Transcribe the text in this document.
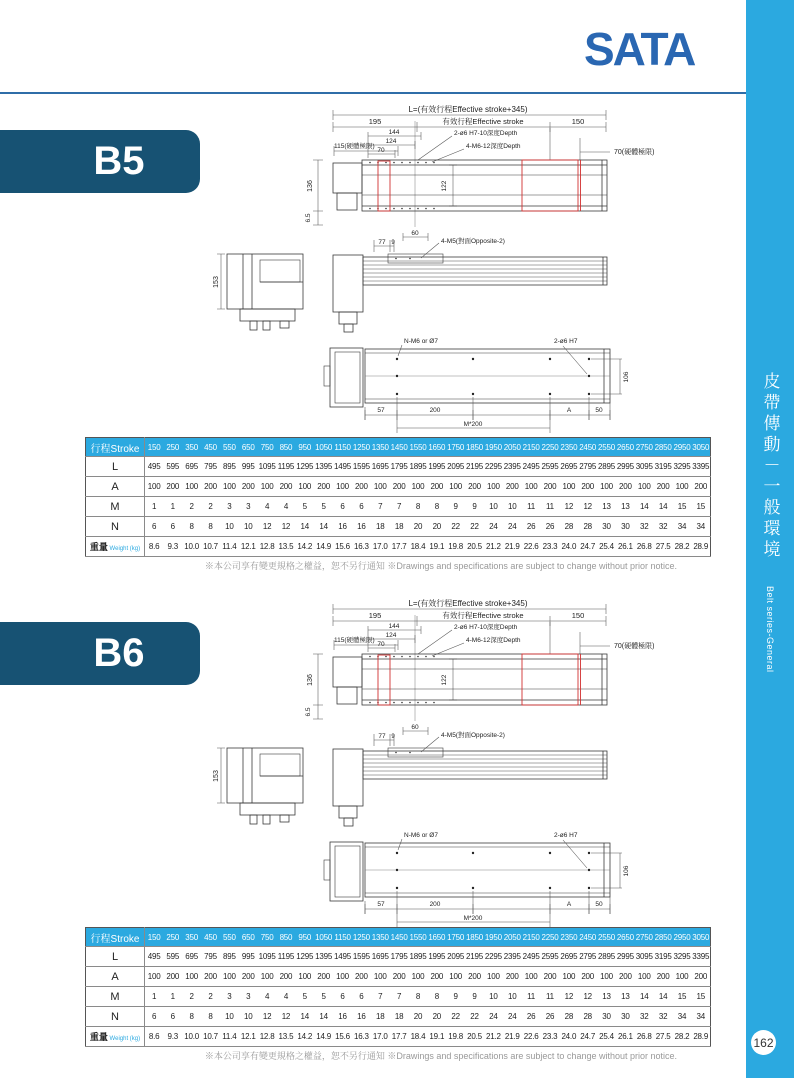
SATA
B5
L=(有效行程Effective stroke+345)
195	有效行程Effective stroke	150
115(硬體極限)
70(硬體極限)
144
124
70
2-ø6 H7-10深度Depth
4-M6-12深度Depth
136
6.5
122
153
77 9
60
4-M5(對面Opposite-2)
N-M6 or Ø7	2-ø6 H7
106
57	200	A	50
M*200
行程Stroke	150	250	350	450	550	650	750	850	950	1050	1150	1250	1350	1450	1550	1650	1750	1850	1950	2050	2150	2250	2350	2450	2550	2650	2750	2850	2950	3050
L	495	595	695	795	895	995	1095	1195	1295	1395	1495	1595	1695	1795	1895	1995	2095	2195	2295	2395	2495	2595	2695	2795	2895	2995	3095	3195	3295	3395
A	100	200	100	200	100	200	100	200	100	200	100	200	100	200	100	200	100	200	100	200	100	200	100	200	100	200	100	200	100	200
M	1	1	2	2	3	3	4	4	5	5	6	6	7	7	8	8	9	9	10	10	11	11	12	12	13	13	14	14	15	15
N	6	6	8	8	10	10	12	12	14	14	16	16	18	18	20	20	22	22	24	24	26	26	28	28	30	30	32	32	34	34
重量 Weight (kg)	8.6	9.3	10.0	10.7	11.4	12.1	12.8	13.5	14.2	14.9	15.6	16.3	17.0	17.7	18.4	19.1	19.8	20.5	21.2	21.9	22.6	23.3	24.0	24.7	25.4	26.1	26.8	27.5	28.2	28.9
※本公司享有變更規格之權益，恕不另行通知 ※Drawings and specifications are subject to change without prior notice.
B6
L=(有效行程Effective stroke+345)
195	有效行程Effective stroke	150
115(硬體極限)
70(硬體極限)
144
124
70
2-ø6 H7-10深度Depth
4-M6-12深度Depth
136
6.5
122
153
77 9
60
4-M5(對面Opposite-2)
N-M6 or Ø7	2-ø6 H7
106
57	200	A	50
M*200
行程Stroke	150	250	350	450	550	650	750	850	950	1050	1150	1250	1350	1450	1550	1650	1750	1850	1950	2050	2150	2250	2350	2450	2550	2650	2750	2850	2950	3050
L	495	595	695	795	895	995	1095	1195	1295	1395	1495	1595	1695	1795	1895	1995	2095	2195	2295	2395	2495	2595	2695	2795	2895	2995	3095	3195	3295	3395
A	100	200	100	200	100	200	100	200	100	200	100	200	100	200	100	200	100	200	100	200	100	200	100	200	100	200	100	200	100	200
M	1	1	2	2	3	3	4	4	5	5	6	6	7	7	8	8	9	9	10	10	11	11	12	12	13	13	14	14	15	15
N	6	6	8	8	10	10	12	12	14	14	16	16	18	18	20	20	22	22	24	24	26	26	28	28	30	30	32	32	34	34
重量 Weight (kg)	8.6	9.3	10.0	10.7	11.4	12.1	12.8	13.5	14.2	14.9	15.6	16.3	17.0	17.7	18.4	19.1	19.8	20.5	21.2	21.9	22.6	23.3	24.0	24.7	25.4	26.1	26.8	27.5	28.2	28.9
※本公司享有變更規格之權益，恕不另行通知 ※Drawings and specifications are subject to change without prior notice.
皮帶傳動－一般環境
Belt series-General
162
